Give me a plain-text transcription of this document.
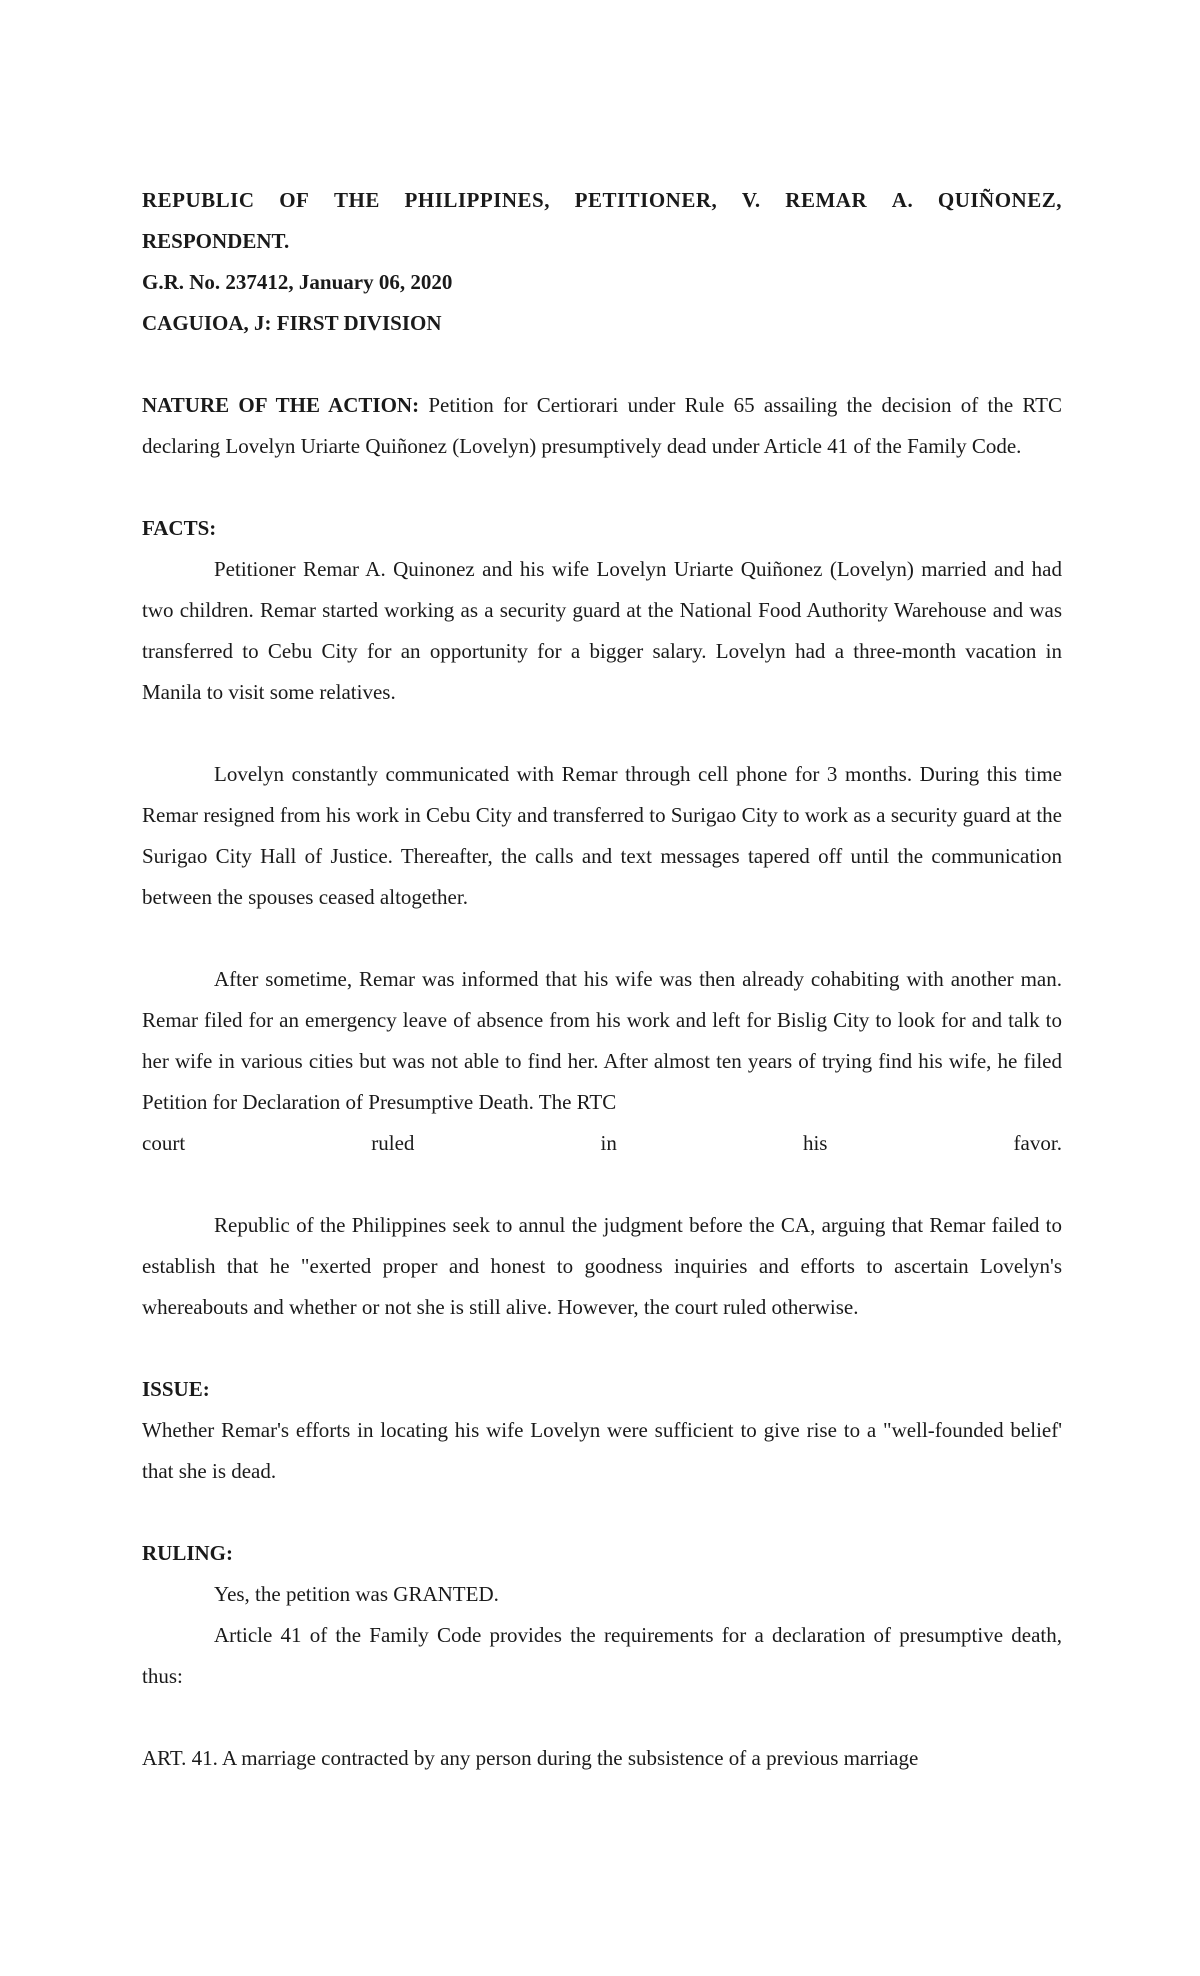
REPUBLIC OF THE PHILIPPINES, PETITIONER, V. REMAR A. QUIÑONEZ,
RESPONDENT.
G.R. No. 237412, January 06, 2020
CAGUIOA, J: FIRST DIVISION

NATURE OF THE ACTION: Petition for Certiorari under Rule 65 assailing the decision of the RTC declaring Lovelyn Uriarte Quiñonez (Lovelyn) presumptively dead under Article 41 of the Family Code.

FACTS:

Petitioner Remar A. Quinonez and his wife Lovelyn Uriarte Quiñonez (Lovelyn) married and had two children. Remar started working as a security guard at the National Food Authority Warehouse and was transferred to Cebu City for an opportunity for a bigger salary. Lovelyn had a three-month vacation in Manila to visit some relatives.

Lovelyn constantly communicated with Remar through cell phone for 3 months. During this time Remar resigned from his work in Cebu City and transferred to Surigao City to work as a security guard at the Surigao City Hall of Justice. Thereafter, the calls and text messages tapered off until the communication between the spouses ceased altogether.

After sometime, Remar was informed that his wife was then already cohabiting with another man. Remar filed for an emergency leave of absence from his work and left for Bislig City to look for and talk to her wife in various cities but was not able to find her. After almost ten years of trying find his wife, he filed Petition for Declaration of Presumptive Death. The RTC

court	ruled	in	his	favor.

Republic of the Philippines seek to annul the judgment before the CA, arguing that Remar failed to establish that he "exerted proper and honest to goodness inquiries and efforts to ascertain Lovelyn's whereabouts and whether or not she is still alive. However, the court ruled otherwise.

ISSUE:

Whether Remar's efforts in locating his wife Lovelyn were sufficient to give rise to a "well-founded belief' that she is dead.

RULING:

Yes, the petition was GRANTED.

Article 41 of the Family Code provides the requirements for a declaration of presumptive death, thus:

ART. 41. A marriage contracted by any person during the subsistence of a previous marriage
